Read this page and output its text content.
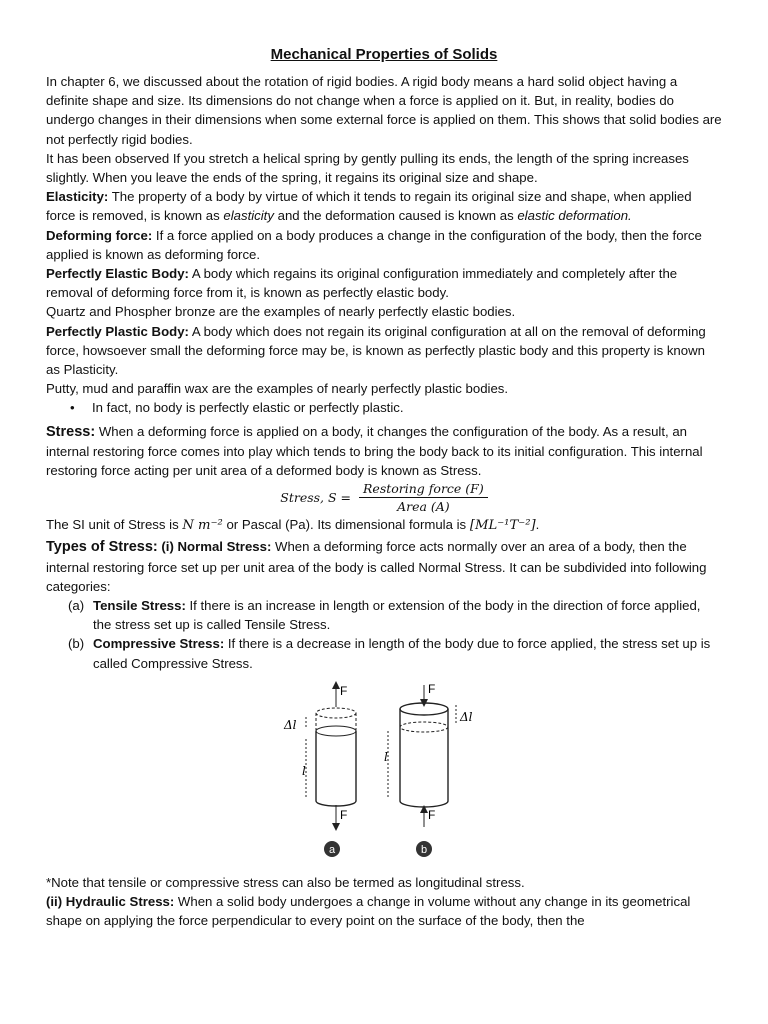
Mechanical Properties of Solids

In chapter 6, we discussed about the rotation of rigid bodies. A rigid body means a hard solid object having a definite shape and size. Its dimensions do not change when a force is applied on it. But, in reality, bodies do undergo changes in their dimensions when some external force is applied on them. This shows that solid bodies are not perfectly rigid bodies.

It has been observed If you stretch a helical spring by gently pulling its ends, the length of the spring increases slightly. When you leave the ends of the spring, it regains its original size and shape.

Elasticity: The property of a body by virtue of which it tends to regain its original size and shape, when applied force is removed, is known as elasticity and the deformation caused is known as elastic deformation.

Deforming force: If a force applied on a body produces a change in the configuration of the body, then the force applied is known as deforming force.

Perfectly Elastic Body: A body which regains its original configuration immediately and completely after the removal of deforming force from it, is known as perfectly elastic body.

Quartz and Phospher bronze are the examples of nearly perfectly elastic bodies.

Perfectly Plastic Body: A body which does not regain its original configuration at all on the removal of deforming force, howsoever small the deforming force may be, is known as perfectly plastic body and this property is known as Plasticity.

Putty, mud and paraffin wax are the examples of nearly perfectly plastic bodies.

• In fact, no body is perfectly elastic or perfectly plastic.

Stress: When a deforming force is applied on a body, it changes the configuration of the body. As a result, an internal restoring force comes into play which tends to bring the body back to its initial configuration. This internal restoring force acting per unit area of a deformed body is known as Stress.

Stress, $S = \frac{\text{Restoring force (F)}}{\text{Area (A)}}$

The SI unit of Stress is N m⁻² or Pascal (Pa). Its dimensional formula is [ML⁻¹T⁻²].

Types of Stress: (i) Normal Stress: When a deforming force acts normally over an area of a body, then the internal restoring force set up per unit area of the body is called Normal Stress. It can be subdivided into following categories:

(a) Tensile Stress: If there is an increase in length or extension of the body in the direction of force applied, the stress set up is called Tensile Stress.
(b) Compressive Stress: If there is a decrease in length of the body due to force applied, the stress set up is called Compressive Stress.
F
F
F
F
Δl
Δl
l
l
a	b

*Note that tensile or compressive stress can also be termed as longitudinal stress.

(ii) Hydraulic Stress: When a solid body undergoes a change in volume without any change in its geometrical shape on applying the force perpendicular to every point on the surface of the body, then the
